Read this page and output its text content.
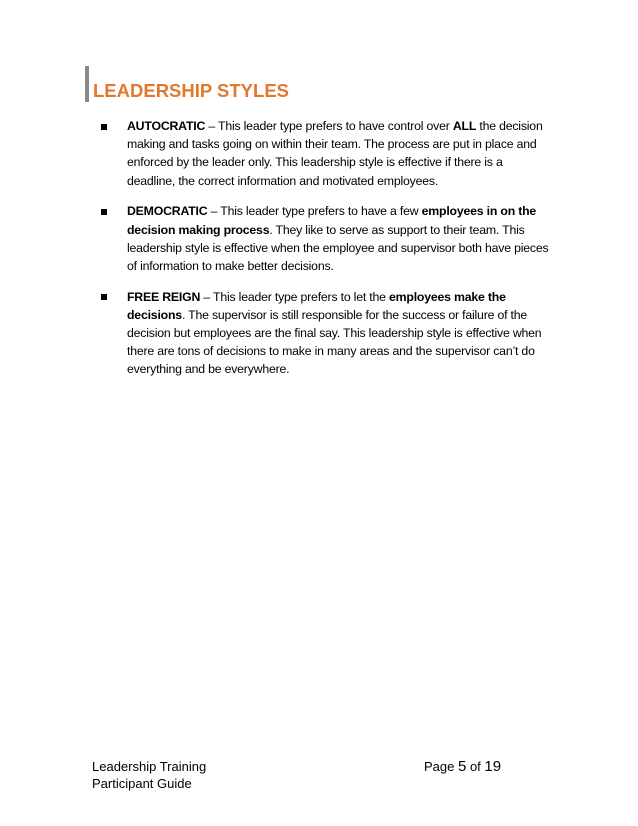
LEADERSHIP STYLES
AUTOCRATIC – This leader type prefers to have control over ALL the decision making and tasks going on within their team. The process are put in place and enforced by the leader only. This leadership style is effective if there is a deadline, the correct information and motivated employees.
DEMOCRATIC – This leader type prefers to have a few employees in on the decision making process. They like to serve as support to their team. This leadership style is effective when the employee and supervisor both have pieces of information to make better decisions.
FREE REIGN – This leader type prefers to let the employees make the decisions. The supervisor is still responsible for the success or failure of the decision but employees are the final say. This leadership style is effective when there are tons of decisions to make in many areas and the supervisor can’t do everything and be everywhere.
Leadership Training
Participant Guide
Page 5 of 19
